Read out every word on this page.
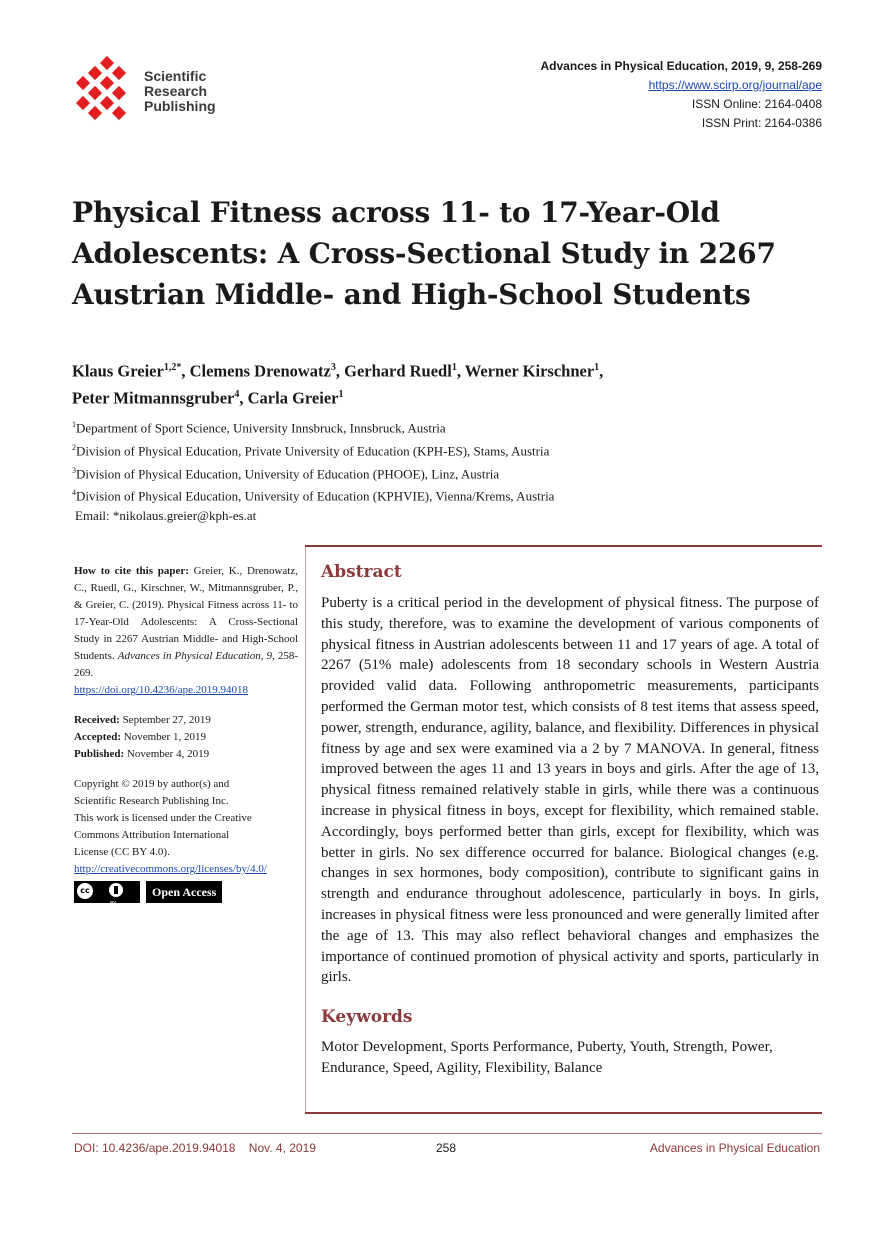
Scientific
Research
Publishing
Advances in Physical Education, 2019, 9, 258-269
https://www.scirp.org/journal/ape
ISSN Online: 2164-0408
ISSN Print: 2164-0386
Physical Fitness across 11- to 17-Year-Old Adolescents: A Cross-Sectional Study in 2267 Austrian Middle- and High-School Students
Klaus Greier$^{1,2*}$, Clemens Drenowatz$^3$, Gerhard Ruedl$^1$, Werner Kirschner$^1$,
Peter Mitmannsgruber$^4$, Carla Greier$^1$
$^1$Department of Sport Science, University Innsbruck, Innsbruck, Austria
$^2$Division of Physical Education, Private University of Education (KPH-ES), Stams, Austria
$^3$Division of Physical Education, University of Education (PHOOE), Linz, Austria
$^4$Division of Physical Education, University of Education (KPHVIE), Vienna/Krems, Austria
Email: *nikolaus.greier@kph-es.at
How to cite this paper: Greier, K., Drenowatz, C., Ruedl, G., Kirschner, W., Mitmannsgruber, P., & Greier, C. (2019). Physical Fitness across 11- to 17-Year-Old Adolescents: A Cross-Sectional Study in 2267 Austrian Middle- and High-School Students. Advances in Physical Education, 9, 258-269.
https://doi.org/10.4236/ape.2019.94018
Received: September 27, 2019
Accepted: November 1, 2019
Published: November 4, 2019
Copyright © 2019 by author(s) and
Scientific Research Publishing Inc.
This work is licensed under the Creative
Commons Attribution International
License (CC BY 4.0).
http://creativecommons.org/licenses/by/4.0/
cc
BY
Open Access
Abstract

Puberty is a critical period in the development of physical fitness. The purpose of this study, therefore, was to examine the development of various components of physical fitness in Austrian adolescents between 11 and 17 years of age. A total of 2267 (51% male) adolescents from 18 secondary schools in Western Austria provided valid data. Following anthropometric measurements, participants performed the German motor test, which consists of 8 test items that assess speed, power, strength, endurance, agility, balance, and flexibility. Differences in physical fitness by age and sex were examined via a 2 by 7 MANOVA. In general, fitness improved between the ages 11 and 13 years in boys and girls. After the age of 13, physical fitness remained relatively stable in girls, while there was a continuous increase in physical fitness in boys, except for flexibility, which remained stable. Accordingly, boys performed better than girls, except for flexibility, which was better in girls. No sex difference occurred for balance. Biological changes (e.g. changes in sex hormones, body composition), contribute to significant gains in strength and endurance throughout adolescence, particularly in boys. In girls, increases in physical fitness were less pronounced and were generally limited after the age of 13. This may also reflect behavioral changes and emphasizes the importance of continued promotion of physical activity and sports, particularly in girls.

Keywords

Motor Development, Sports Performance, Puberty, Youth, Strength, Power, Endurance, Speed, Agility, Flexibility, Balance

DOI: 10.4236/ape.2019.94018    Nov. 4, 2019	258	Advances in Physical Education
